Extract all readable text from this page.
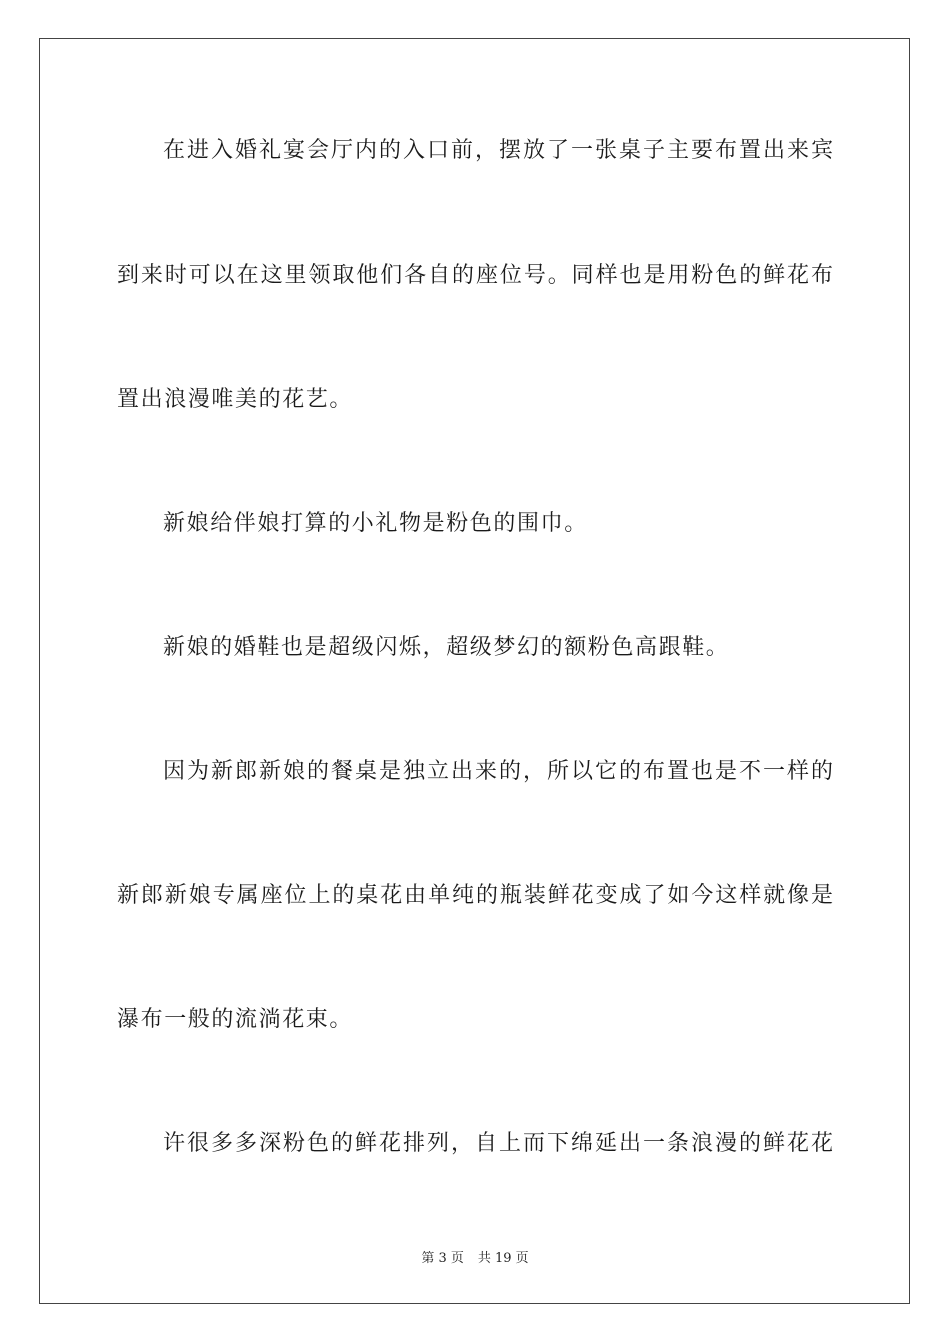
在进入婚礼宴会厅内的入口前，摆放了一张桌子主要布置出来宾
到来时可以在这里领取他们各自的座位号。同样也是用粉色的鲜花布
置出浪漫唯美的花艺。
新娘给伴娘打算的小礼物是粉色的围巾。
新娘的婚鞋也是超级闪烁，超级梦幻的额粉色高跟鞋。
因为新郎新娘的餐桌是独立出来的，所以它的布置也是不一样的
新郎新娘专属座位上的桌花由单纯的瓶装鲜花变成了如今这样就像是
瀑布一般的流淌花束。
许很多多深粉色的鲜花排列，自上而下绵延出一条浪漫的鲜花花
第 3 页 共 19 页
